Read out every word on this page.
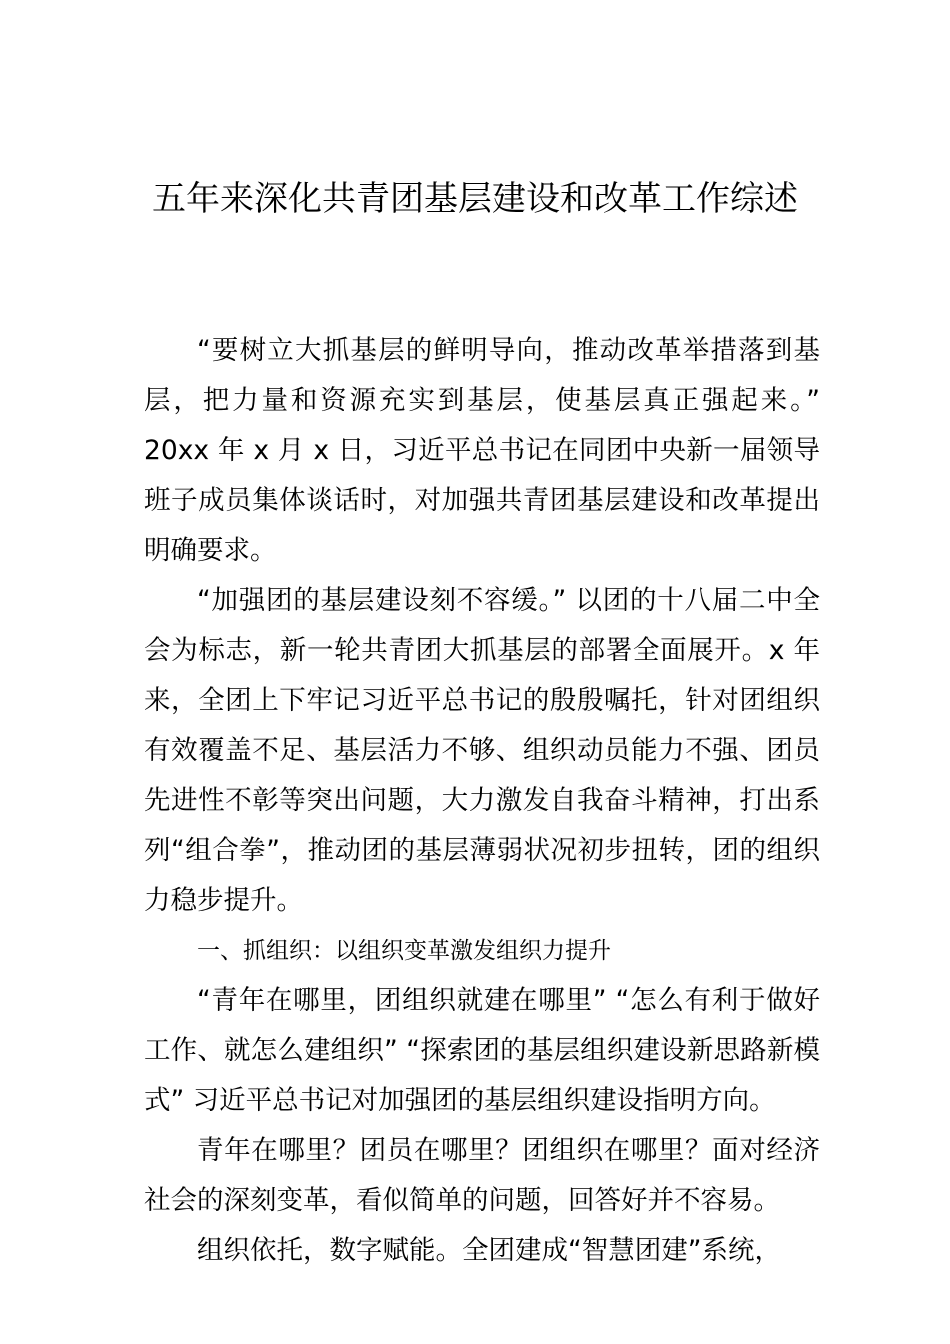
五年来深化共青团基层建设和改革工作综述

“要树立大抓基层的鲜明导向，推动改革举措落到基层，把力量和资源充实到基层，使基层真正强起来。” 20xx 年 x 月 x 日，习近平总书记在同团中央新一届领导班子成员集体谈话时，对加强共青团基层建设和改革提出明确要求。

“加强团的基层建设刻不容缓。” 以团的十八届二中全会为标志，新一轮共青团大抓基层的部署全面展开。x 年来，全团上下牢记习近平总书记的殷殷嘱托，针对团组织有效覆盖不足、基层活力不够、组织动员能力不强、团员先进性不彰等突出问题，大力激发自我奋斗精神，打出系列“组合拳”，推动团的基层薄弱状况初步扭转，团的组织力稳步提升。

一、抓组织：以组织变革激发组织力提升

“青年在哪里，团组织就建在哪里” “怎么有利于做好工作、就怎么建组织” “探索团的基层组织建设新思路新模式” 习近平总书记对加强团的基层组织建设指明方向。

青年在哪里？团员在哪里？团组织在哪里？面对经济社会的深刻变革，看似简单的问题，回答好并不容易。

组织依托，数字赋能。全团建成“智慧团建”系统，
